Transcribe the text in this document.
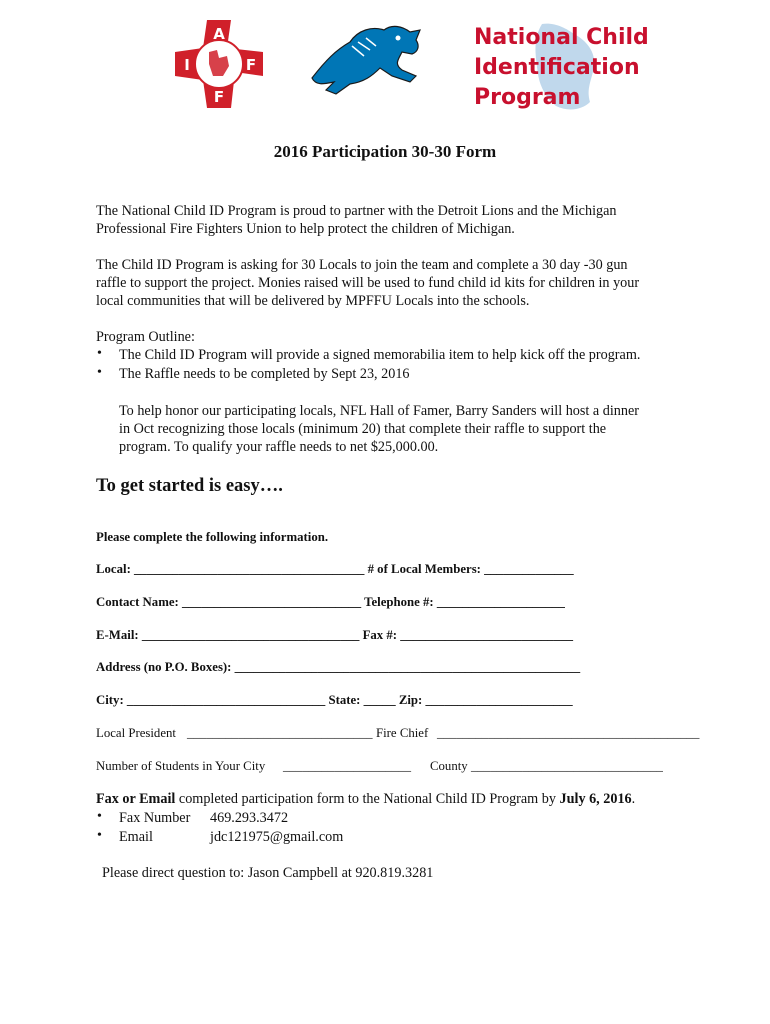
A
I	F
F
National Child
Identification
Program
2016 Participation 30-30 Form
The National Child ID Program is proud to partner with the Detroit Lions and the Michigan
Professional Fire Fighters Union to help protect the children of Michigan.
The Child ID Program is asking for 30 Locals to join the team and complete a 30 day -30 gun
raffle to support the project. Monies raised will be used to fund child id kits for children in your
local communities that will be delivered by MPFFU Locals into the schools.
Program Outline:
• The Child ID Program will provide a signed memorabilia item to help kick off the program.
• The Raffle needs to be completed by Sept 23, 2016
To help honor our participating locals, NFL Hall of Famer, Barry Sanders will host a dinner
in Oct recognizing those locals (minimum 20) that complete their raffle to support the
program. To qualify your raffle needs to net $25,000.00.
To get started is easy….
Please complete the following information.
Local: ____________________________________ # of Local Members: ______________
Contact Name: ____________________________ Telephone #: ____________________
E-Mail: __________________________________ Fax #: ___________________________
Address (no P.O. Boxes): ______________________________________________________
City: _______________________________ State: _____ Zip: _______________________
Local President _____________________________ Fire Chief _________________________________________
Number of Students in Your City ____________________ County ______________________________
Fax or Email completed participation form to the National Child ID Program by July 6, 2016.
• Fax Number 469.293.3472
• Email	jdc121975@gmail.com
Please direct question to: Jason Campbell at 920.819.3281
